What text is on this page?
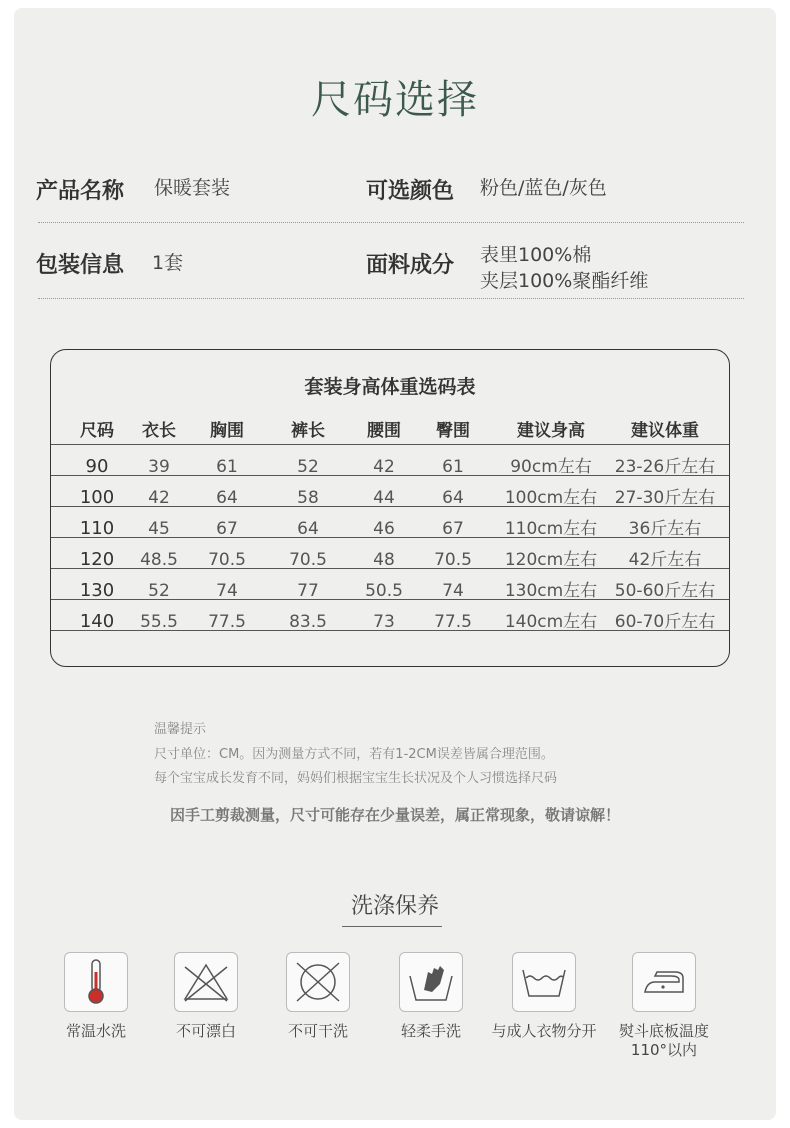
尺码选择
产品名称 保暖套装	可选颜色 粉色/蓝色/灰色
包装信息 1套	面料成分 表里100%棉
夹层100%聚酯纤维
套装身高体重选码表
尺码	衣长	胸围	裤长	腰围	臀围	建议身高	建议体重
90	39	61	52	42	61	90cm左右	23-26斤左右
100	42	64	58	44	64	100cm左右	27-30斤左右
110	45	67	64	46	67	110cm左右	36斤左右
120	48.5	70.5	70.5	48	70.5	120cm左右	42斤左右
130	52	74	77	50.5	74	130cm左右	50-60斤左右
140	55.5	77.5	83.5	73	77.5	140cm左右	60-70斤左右
温馨提示
尺寸单位：CM。因为测量方式不同，若有1-2CM误差皆属合理范围。
每个宝宝成长发育不同，妈妈们根据宝宝生长状况及个人习惯选择尺码
因手工剪裁测量，尺寸可能存在少量误差，属正常现象，敬请谅解！
洗涤保养
常温水洗	不可漂白	不可干洗	轻柔手洗	与成人衣物分开	熨斗底板温度
110°以内
